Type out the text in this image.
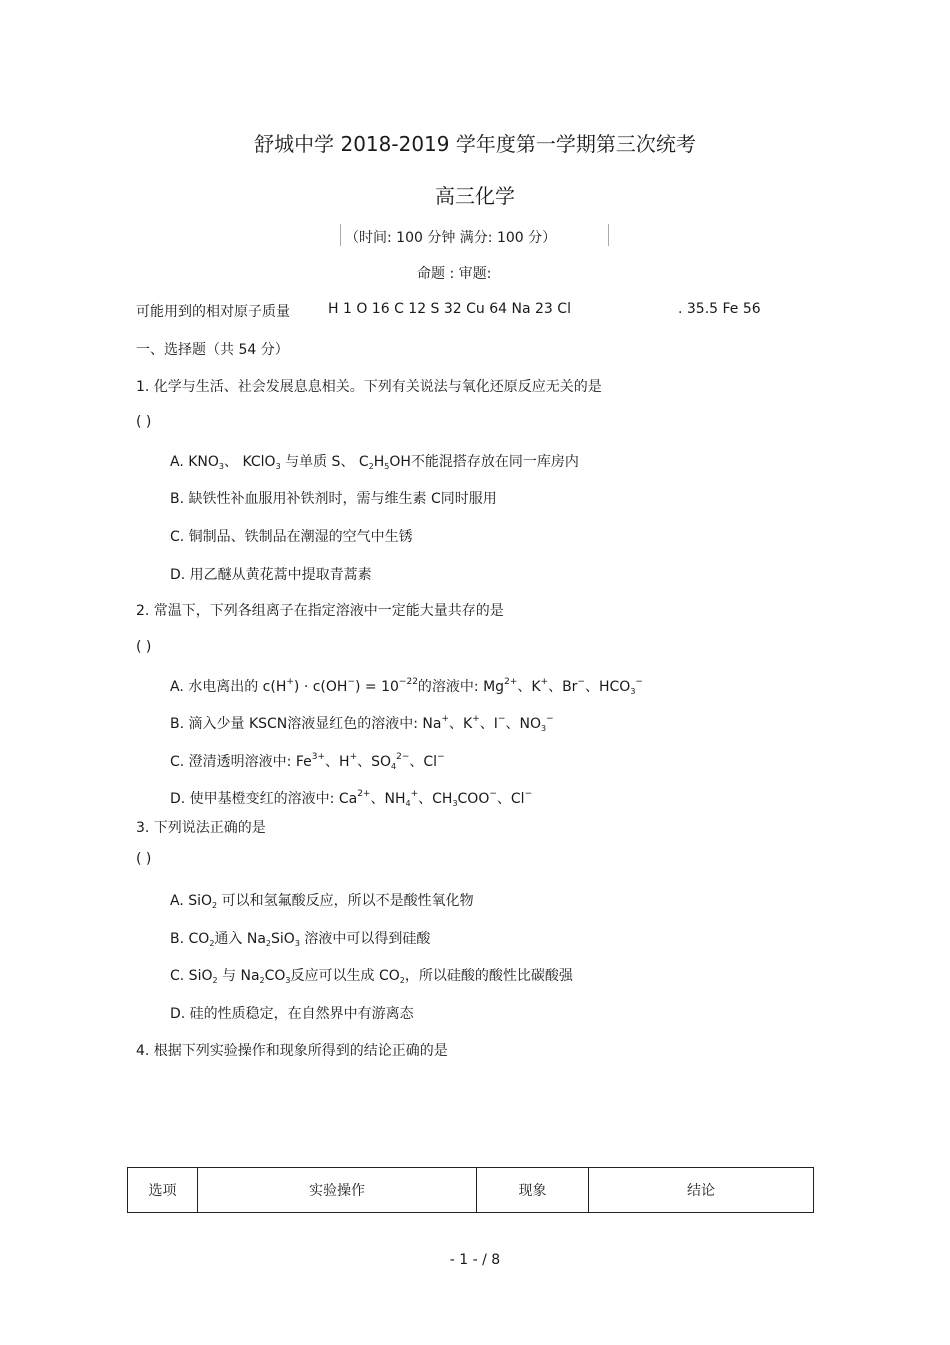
舒城中学 2018-2019 学年度第一学期第三次统考
高三化学
（时间: 100 分钟 满分: 100 分）
命题 : 审题:
可能用到的相对原子质量	H 1 O 16 C 12 S 32 Cu 64 Na 23 Cl	. 35.5 Fe 56
一、选择题（共 54 分）
1. 化学与生活、社会发展息息相关。下列有关说法与氧化还原反应无关的是
( )
A. $KNO_3$、 KClO$_3$ 与单质 S、 $C_2H_5OH$不能混搭存放在同一库房内
B. 缺铁性补血服用补铁剂时，需与维生素 C同时服用
C. 铜制品、铁制品在潮湿的空气中生锈
D. 用乙醚从黄花蒿中提取青蒿素
2. 常温下，下列各组离子在指定溶液中一定能大量共存的是
( )
A. 水电离出的 $c(H^+) \cdot c(OH^-) = 10^{-22}$的溶液中: $Mg^{2+}$、K+、Br−、$HCO_3^-$
B. 滴入少量 KSCN溶液显红色的溶液中: Na+、K+、I−、$NO_3^-$
C. 澄清透明溶液中: $Fe^{3+}$、H+、$SO_4^{2-}$、Cl−
D. 使甲基橙变红的溶液中: $Ca^{2+}$、$NH_4^+$、$CH_3COO^-$、Cl−
3. 下列说法正确的是
( )
A. SiO$_2$ 可以和氢氟酸反应，所以不是酸性氧化物
B. $CO_2$通入 $Na_2SiO_3$ 溶液中可以得到硅酸
C. SiO$_2$ 与 $Na_2CO_3$反应可以生成 $CO_2$，所以硅酸的酸性比碳酸强
D. 硅的性质稳定，在自然界中有游离态
4. 根据下列实验操作和现象所得到的结论正确的是
选项	实验操作	现象	结论
- 1 - / 8
